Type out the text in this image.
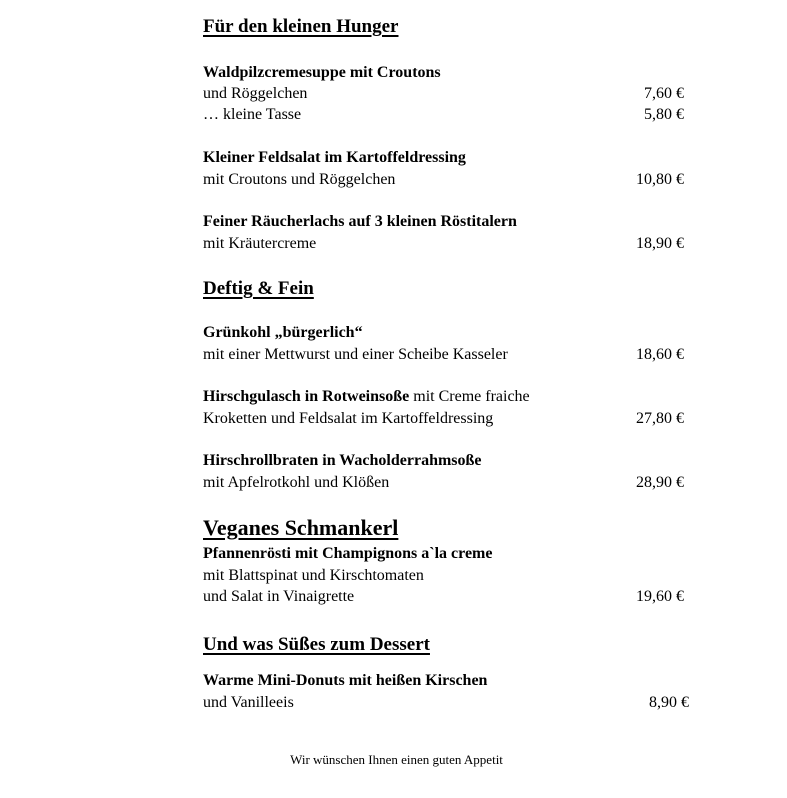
Für den kleinen Hunger
Waldpilzcremesuppe mit Croutons
und Röggelchen	7,60 €
… kleine Tasse	5,80 €
Kleiner Feldsalat im Kartoffeldressing
mit Croutons und Röggelchen	10,80 €
Feiner Räucherlachs auf 3 kleinen Röstitalern
mit Kräutercreme	18,90 €
Deftig & Fein
Grünkohl „bürgerlich“
mit einer Mettwurst und einer Scheibe Kasseler	18,60 €
Hirschgulasch in Rotweinsoße mit Creme fraiche
Kroketten und Feldsalat im Kartoffeldressing	27,80 €
Hirschrollbraten in Wacholderrahmsoße
mit Apfelrotkohl und Klößen	28,90 €
Veganes Schmankerl
Pfannenrösti mit Champignons a`la creme
mit Blattspinat und Kirschtomaten
und Salat in Vinaigrette	19,60 €
Und was Süßes zum Dessert
Warme Mini-Donuts mit heißen Kirschen
und Vanilleeis	8,90 €
Wir wünschen Ihnen einen guten Appetit
